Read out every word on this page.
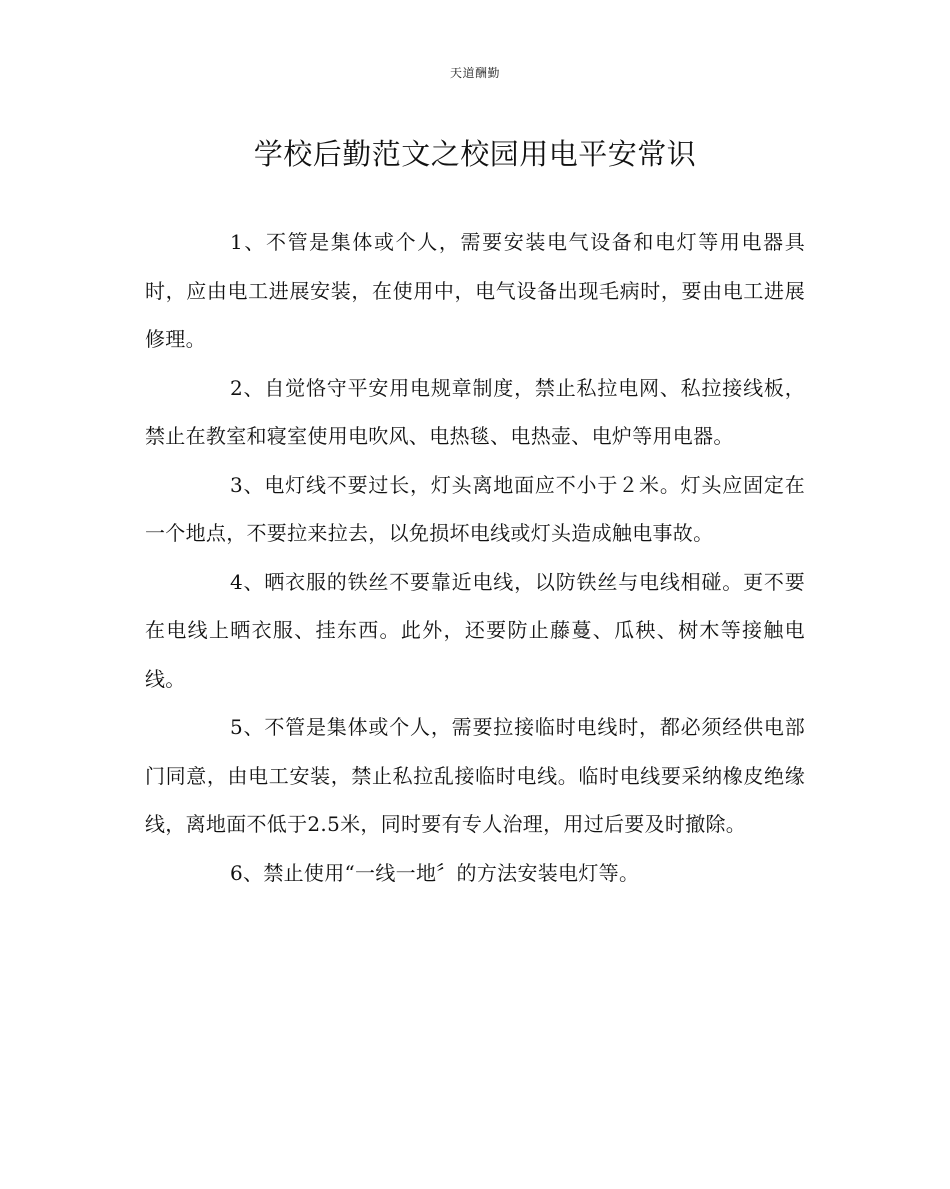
天道酬勤
学校后勤范文之校园用电平安常识

1、不管是集体或个人，需要安装电气设备和电灯等用电器具时，应由电工进展安装，在使用中，电气设备出现毛病时，要由电工进展修理。

2、自觉恪守平安用电规章制度，禁止私拉电网、私拉接线板，禁止在教室和寝室使用电吹风、电热毯、电热壶、电炉等用电器。

3、电灯线不要过长，灯头离地面应不小于２米。灯头应固定在一个地点，不要拉来拉去，以免损坏电线或灯头造成触电事故。

4、晒衣服的铁丝不要靠近电线，以防铁丝与电线相碰。更不要在电线上晒衣服、挂东西。此外，还要防止藤蔓、瓜秧、树木等接触电线。

5、不管是集体或个人，需要拉接临时电线时，都必须经供电部门同意，由电工安装，禁止私拉乱接临时电线。临时电线要采纳橡皮绝缘线，离地面不低于2.5米，同时要有专人治理，用过后要及时撤除。

6、禁止使用“一线一地〞的方法安装电灯等。
